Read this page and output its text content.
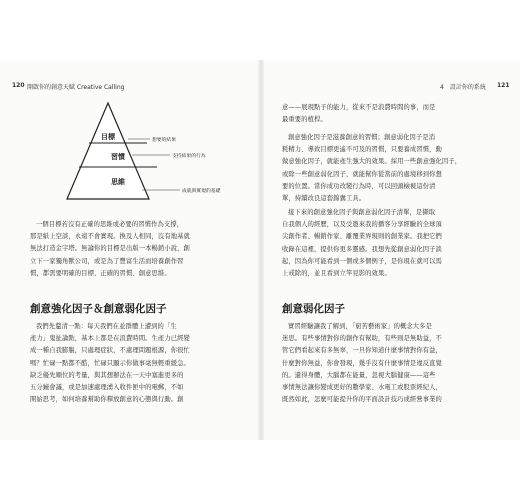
120 開啟你的創意天賦 Creative Calling	4　設計你的系統 121
目標
習慣
思維
想要的結果
支持結果的行為
成就與實現的基礎
一個目標若沒有正確的思維或必要的習慣作為支撐，
那是紙上空談，永遠不會實現。換及人相同，沒有地基就
無法打造金字塔。無論你的目標是出版一本暢銷小說，創
立下一家獨角獸公司，或是為了豐富生活而培養創作習
慣，都需要明確的目標、正確的習慣、創意思維。
創意強化因子＆創意弱化因子
我們先釐清一點：每天我們在並群體上遭到的「生
產力」鬼扯論點，基本上都是在浪費時間。生產力已經變
成一種自我膨脹，只處理症狀，不處理問題根源，你很忙
嗎？忙碌一點都不酷，忙碌只顯示你做事毫無輕重緩急。
缺乏優先順位的考量，與其想辦法在一天中塞進更多的
五分鐘會議，或是加速處理湧入收件匣中的電郵，不如
開始思考，如何培養幫助你釋放創意的心態與行動。創
意——展現點子的能力，從來不是浪費時間的事，而是
最重要的植桿。
創意強化因子是滋養創意的習慣；創意弱化因子是消
耗精力、導致目標更遙不可及的習慣，只要養成習慣，動
做意強化因子，就能產生強大的效果。採用一些創意強化因子，
或除一些創意弱化因子，就能幫你從當前的處境移到你想
要的位置。當你成功改變行為時，可以回頭檢視這份清
單，持續改良這套錦囊工具。
接下來的創意強化因子與創意弱化因子清單，是擷取
自我個人的經歷，以及受邀來我的播客分享經驗的全球頂
尖創作者、暢銷作家、離覆業界規則的創業家。我把它們
收錄在這裡，提供你更多靈感。我想先從創意弱化因子談
起，因為你可能看到一個或多個例子，是你現在就可以馬
上戒除的，並且看到立竿見影的效果。
創意弱化因子
實習經驗讓我了解到，「窮苦藝術家」的概念大多是
迷思。有些事情對你的創作有幫助，有些則是無助益，不
管它們看起來有多無辜，一旦你知道什麼事情對你有益，
什麼對你無益，你會發現，幾乎沒有什麼事情是違反直覺
的。還得身體，大腦都在能量，忽視大腦健康——這些
事情無法讓你變成更好的數學家、水電工或股票經紀人，
既然如此，怎麼可能提升你的平面設計技巧或經營事業的
